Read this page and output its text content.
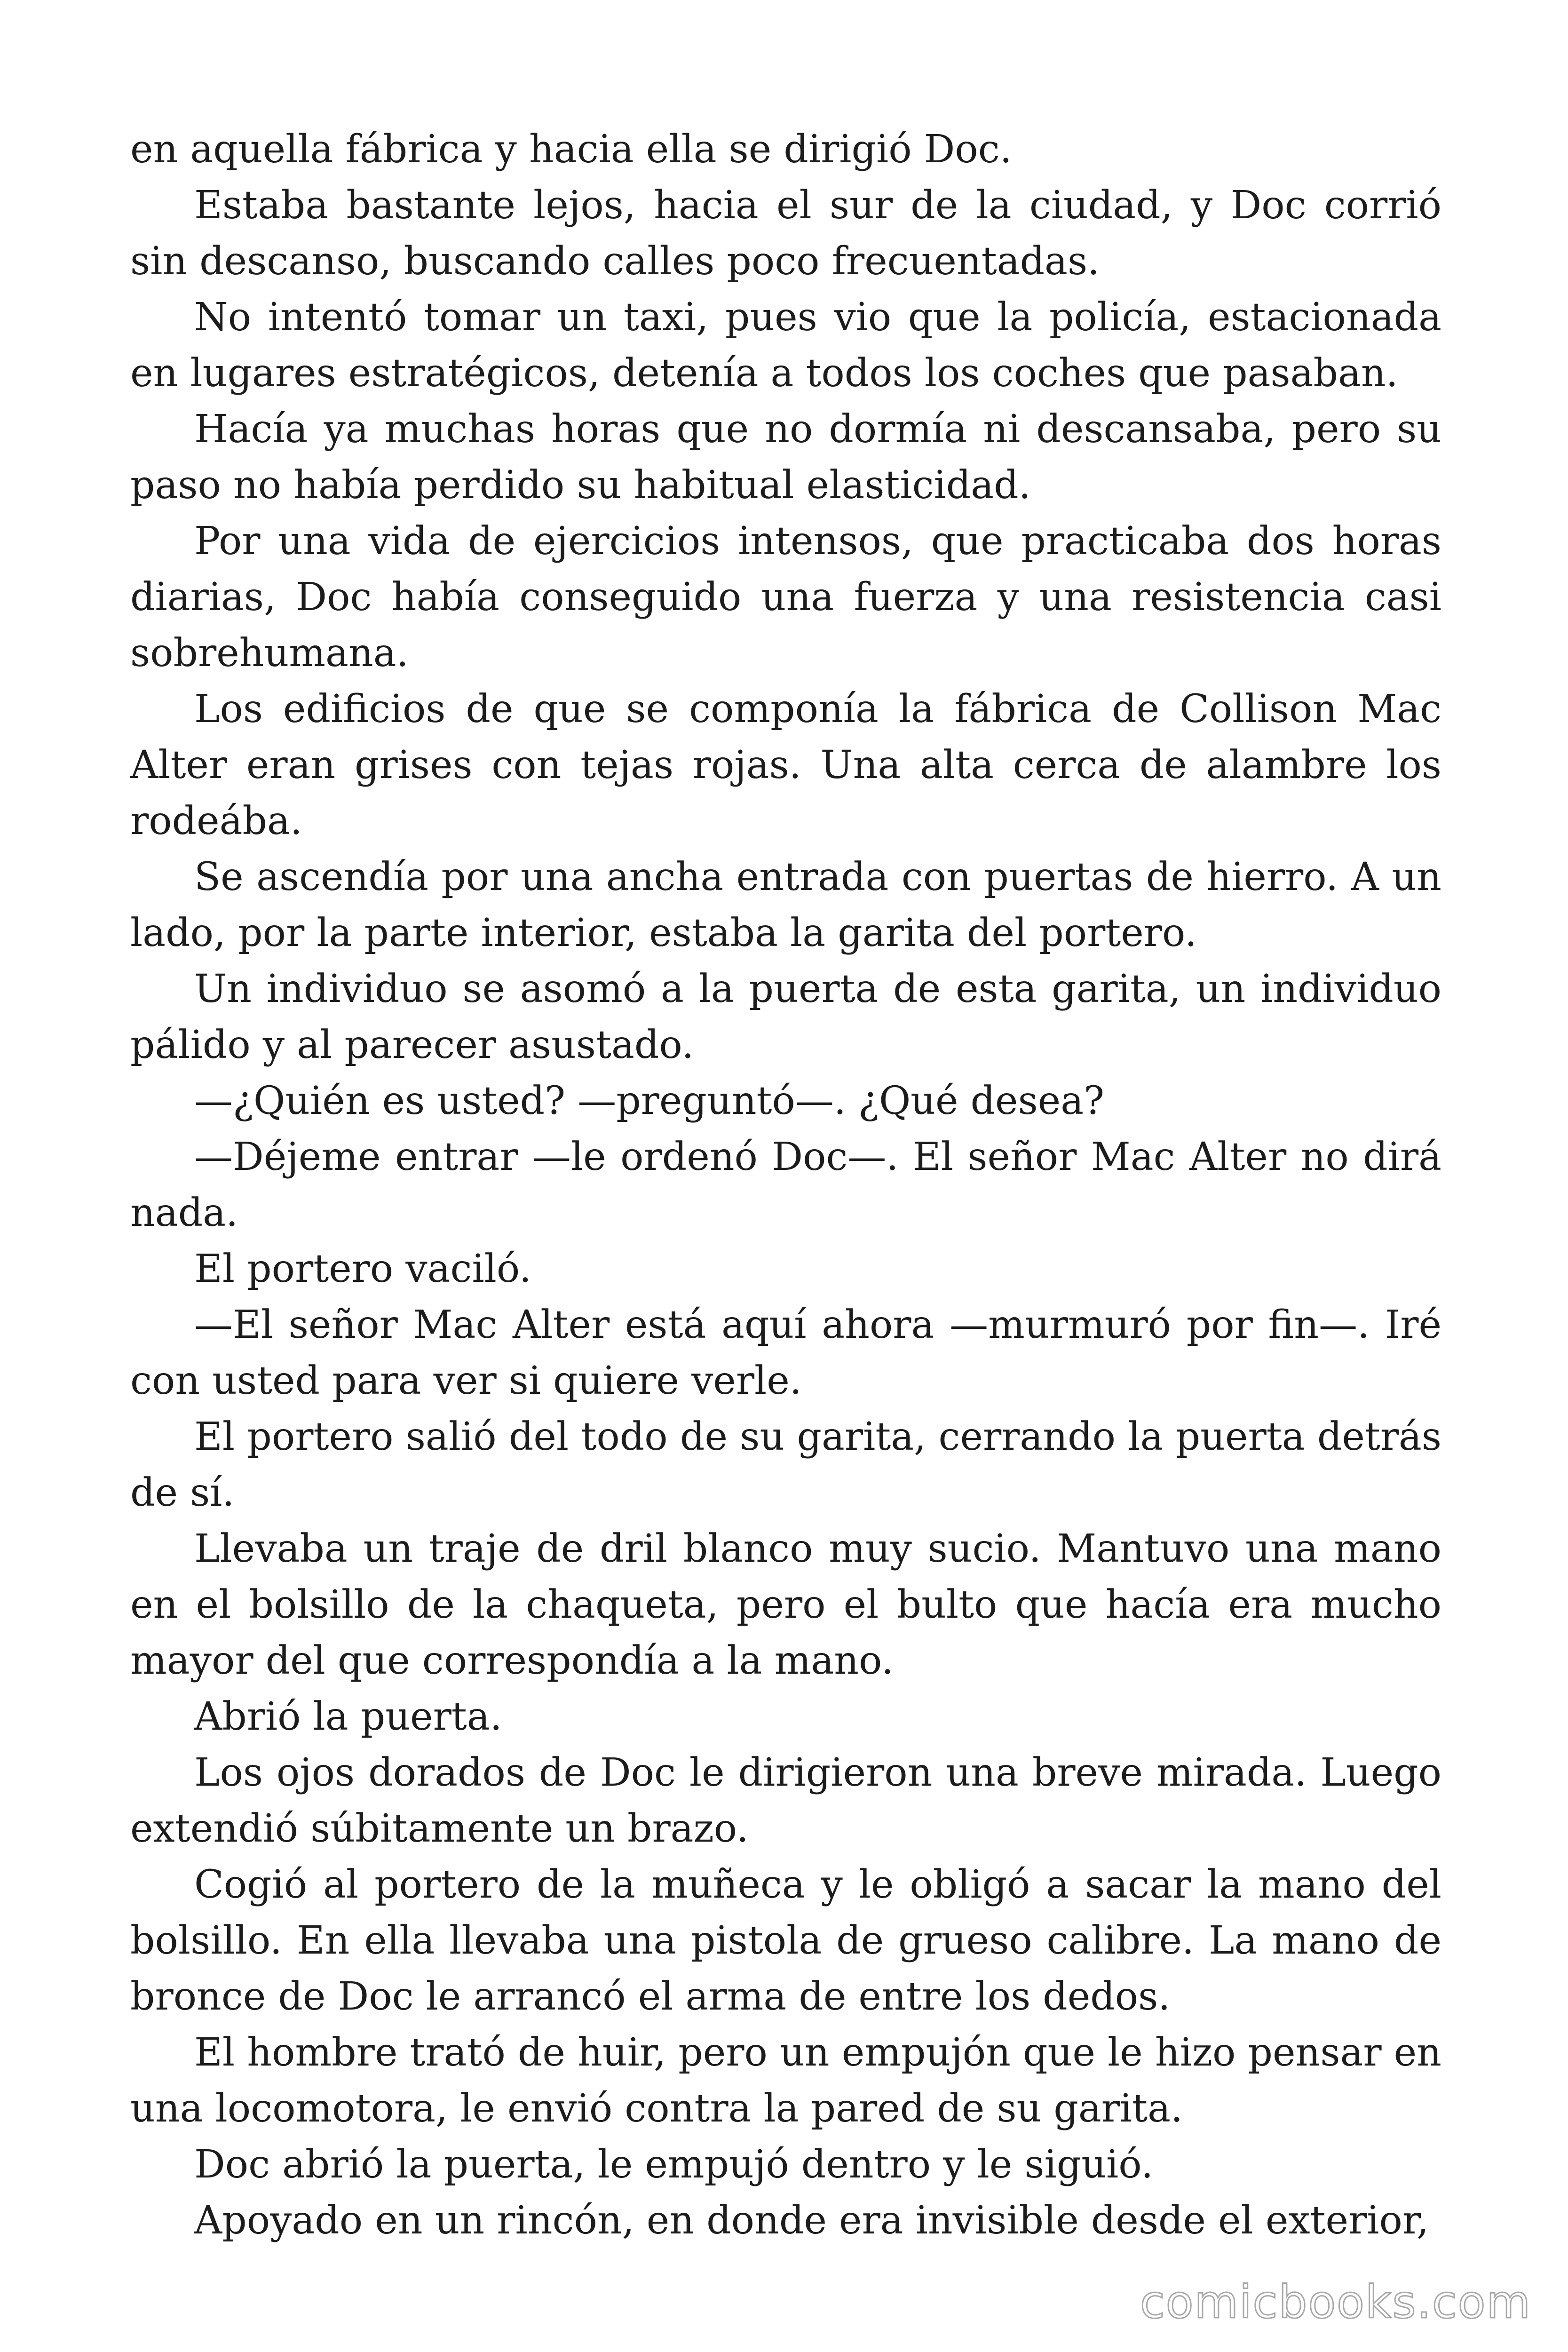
en aquella fábrica y hacia ella se dirigió Doc.

Estaba bastante lejos, hacia el sur de la ciudad, y Doc corrió sin descanso, buscando calles poco frecuentadas.

No intentó tomar un taxi, pues vio que la policía, estacionada en lugares estratégicos, detenía a todos los coches que pasaban.

Hacía ya muchas horas que no dormía ni descansaba, pero su paso no había perdido su habitual elasticidad.

Por una vida de ejercicios intensos, que practicaba dos horas diarias, Doc había conseguido una fuerza y una resistencia casi sobrehumana.

Los edificios de que se componía la fábrica de Collison Mac Alter eran grises con tejas rojas. Una alta cerca de alambre los rodeába.

Se ascendía por una ancha entrada con puertas de hierro. A un lado, por la parte interior, estaba la garita del portero.

Un individuo se asomó a la puerta de esta garita, un individuo pálido y al parecer asustado.

—¿Quién es usted? —preguntó—. ¿Qué desea?

—Déjeme entrar —le ordenó Doc—. El señor Mac Alter no dirá nada.

El portero vaciló.

—El señor Mac Alter está aquí ahora —murmuró por fin—. Iré con usted para ver si quiere verle.

El portero salió del todo de su garita, cerrando la puerta detrás de sí.

Llevaba un traje de dril blanco muy sucio. Mantuvo una mano en el bolsillo de la chaqueta, pero el bulto que hacía era mucho mayor del que correspondía a la mano.

Abrió la puerta.

Los ojos dorados de Doc le dirigieron una breve mirada. Luego extendió súbitamente un brazo.

Cogió al portero de la muñeca y le obligó a sacar la mano del bolsillo. En ella llevaba una pistola de grueso calibre. La mano de bronce de Doc le arrancó el arma de entre los dedos.

El hombre trató de huir, pero un empujón que le hizo pensar en una locomotora, le envió contra la pared de su garita.

Doc abrió la puerta, le empujó dentro y le siguió.

Apoyado en un rincón, en donde era invisible desde el exterior,

comicbooks.com
